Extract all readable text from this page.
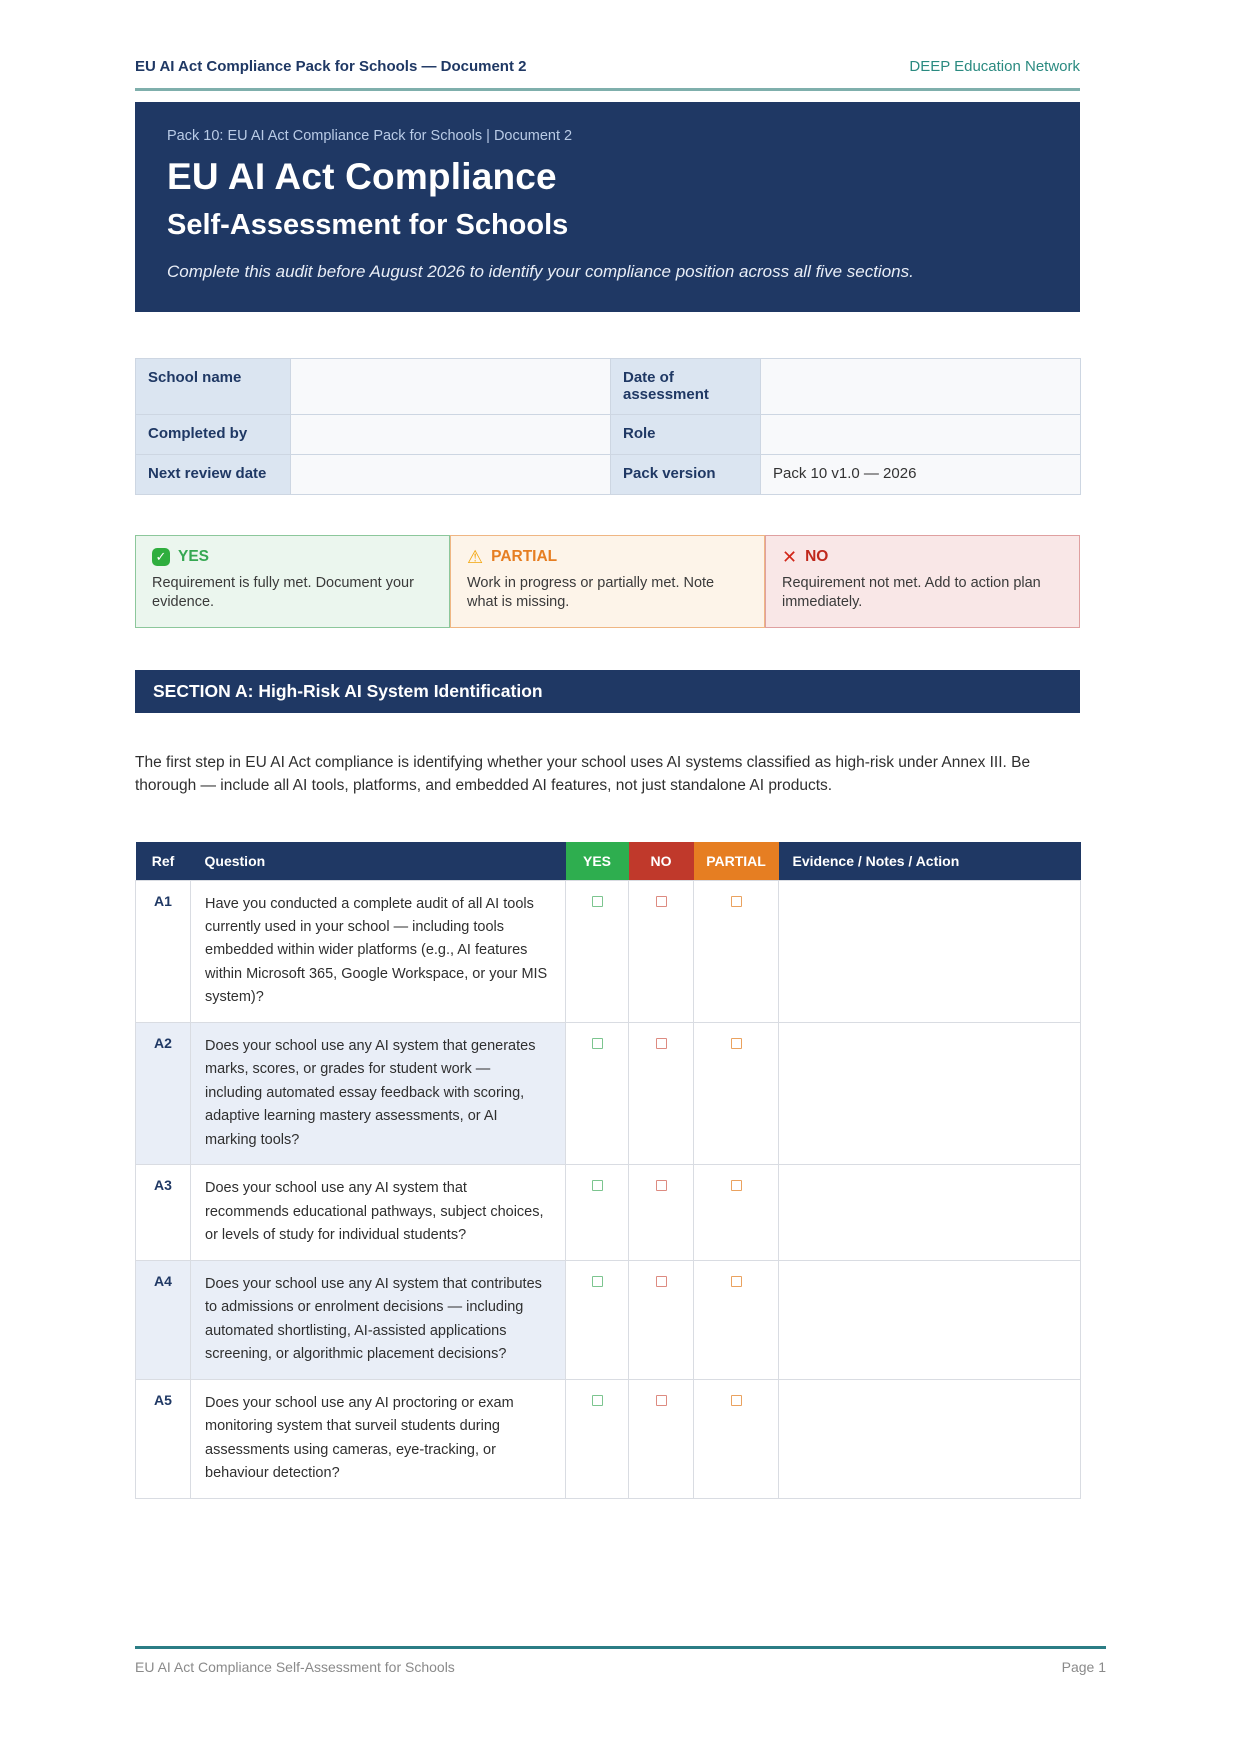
EU AI Act Compliance Pack for Schools — Document 2	DEEP Education Network
Pack 10: EU AI Act Compliance Pack for Schools | Document 2
EU AI Act Compliance
Self-Assessment for Schools
Complete this audit before August 2026 to identify your compliance position across all five sections.
School name		Date of assessment	
Completed by		Role	
Next review date		Pack version	Pack 10 v1.0 — 2026
✓ YES
Requirement is fully met. Document your evidence.
⚠ PARTIAL
Work in progress or partially met. Note what is missing.
✕ NO
Requirement not met. Add to action plan immediately.
SECTION A: High-Risk AI System Identification

The first step in EU AI Act compliance is identifying whether your school uses AI systems classified as high-risk under Annex III. Be thorough — include all AI tools, platforms, and embedded AI features, not just standalone AI products.

Ref	Question	YES	NO	PARTIAL	Evidence / Notes / Action
A1	Have you conducted a complete audit of all AI tools currently used in your school — including tools embedded within wider platforms (e.g., AI features within Microsoft 365, Google Workspace, or your MIS system)?				
A2	Does your school use any AI system that generates marks, scores, or grades for student work — including automated essay feedback with scoring, adaptive learning mastery assessments, or AI marking tools?				
A3	Does your school use any AI system that recommends educational pathways, subject choices, or levels of study for individual students?				
A4	Does your school use any AI system that contributes to admissions or enrolment decisions — including automated shortlisting, AI-assisted applications screening, or algorithmic placement decisions?				
A5	Does your school use any AI proctoring or exam monitoring system that surveil students during assessments using cameras, eye-tracking, or behaviour detection?				
EU AI Act Compliance Self-Assessment for Schools	Page 1
